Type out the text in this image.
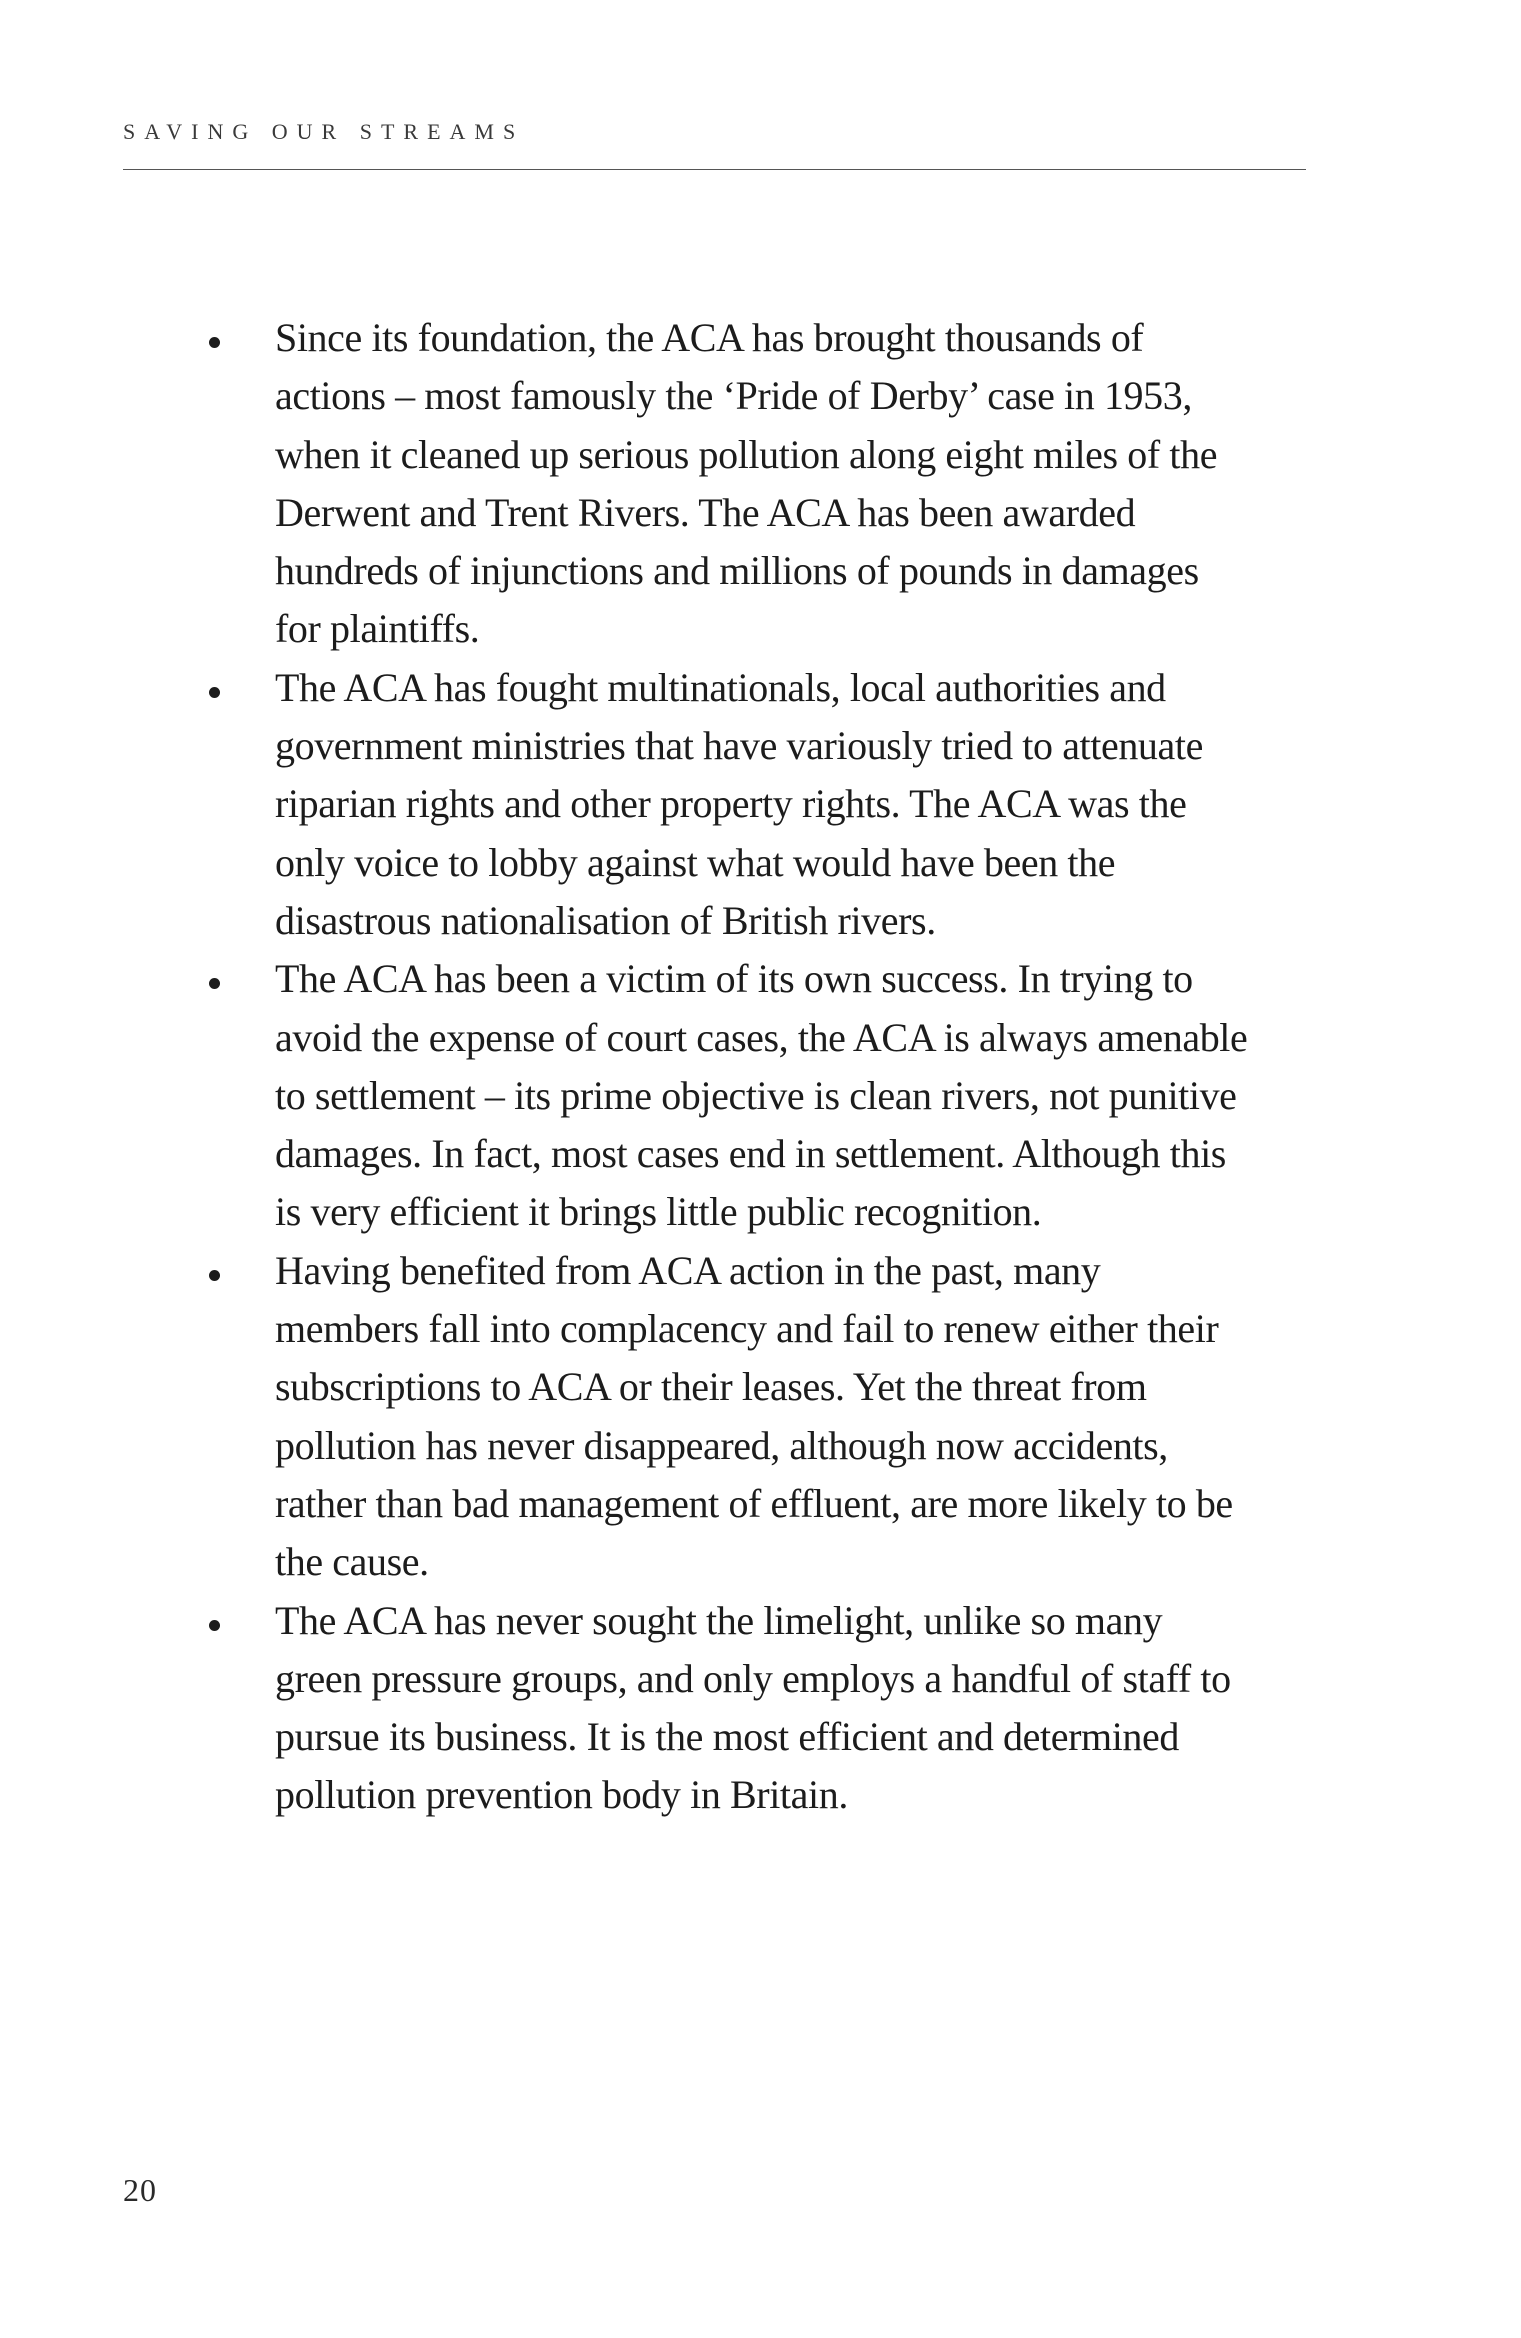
SAVING OUR STREAMS
Since its foundation, the ACA has brought thousands of
actions – most famously the ‘Pride of Derby’ case in 1953,
when it cleaned up serious pollution along eight miles of the
Derwent and Trent Rivers. The ACA has been awarded
hundreds of injunctions and millions of pounds in damages
for plaintiffs.
The ACA has fought multinationals, local authorities and
government ministries that have variously tried to attenuate
riparian rights and other property rights. The ACA was the
only voice to lobby against what would have been the
disastrous nationalisation of British rivers.
The ACA has been a victim of its own success. In trying to
avoid the expense of court cases, the ACA is always amenable
to settlement – its prime objective is clean rivers, not punitive
damages. In fact, most cases end in settlement. Although this
is very efficient it brings little public recognition.
Having benefited from ACA action in the past, many
members fall into complacency and fail to renew either their
subscriptions to ACA or their leases. Yet the threat from
pollution has never disappeared, although now accidents,
rather than bad management of effluent, are more likely to be
the cause.
The ACA has never sought the limelight, unlike so many
green pressure groups, and only employs a handful of staff to
pursue its business. It is the most efficient and determined
pollution prevention body in Britain.
20
